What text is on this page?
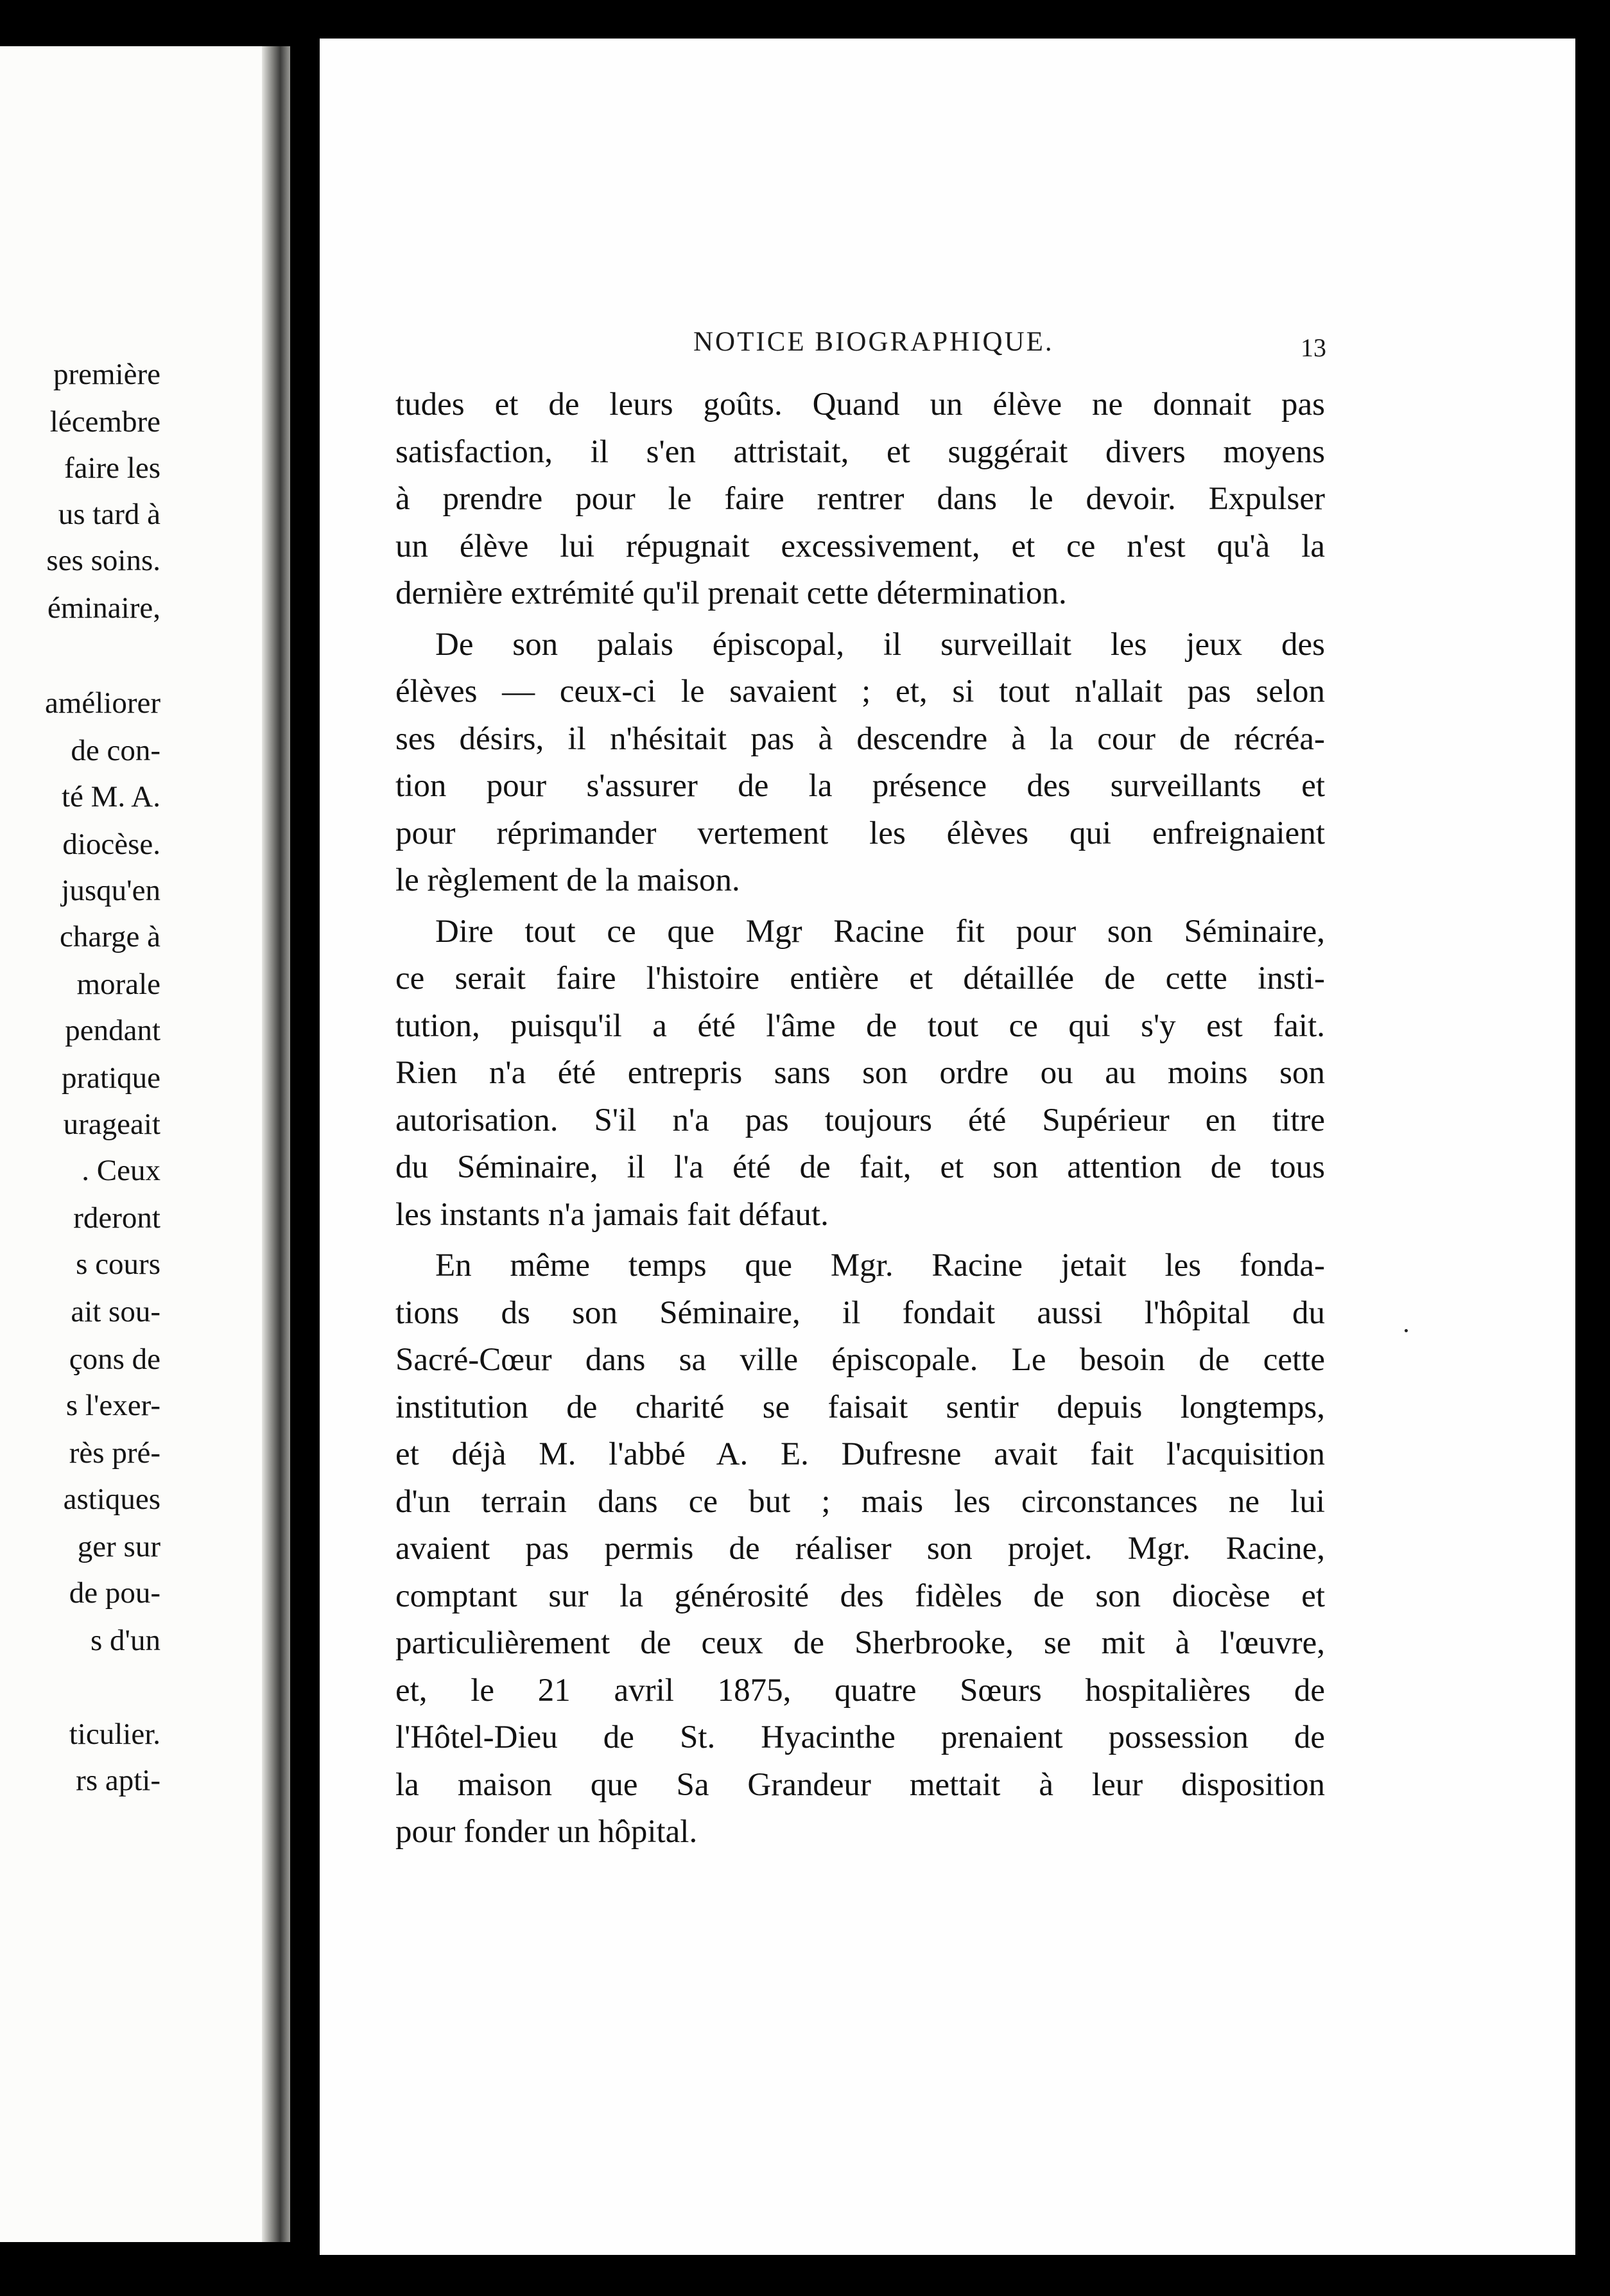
première
lécembre
faire les
us tard à
ses soins.
éminaire,
améliorer
de con-
té M. A.
diocèse.
jusqu'en
charge à
morale
pendant
pratique
urageait
. Ceux
rderont
s cours
ait sou-
çons de
s l'exer-
rès pré-
astiques
ger sur
de pou-
s d'un
ticulier.
rs apti-
NOTICE BIOGRAPHIQUE.	13
tudes et de leurs goûts. Quand un élève ne donnait pas
satisfaction, il s'en attristait, et suggérait divers moyens
à prendre pour le faire rentrer dans le devoir. Expulser
un élève lui répugnait excessivement, et ce n'est qu'à la
dernière extrémité qu'il prenait cette détermination.
De son palais épiscopal, il surveillait les jeux des
élèves — ceux-ci le savaient ; et, si tout n'allait pas selon
ses désirs, il n'hésitait pas à descendre à la cour de récréa-
tion pour s'assurer de la présence des surveillants et
pour réprimander vertement les élèves qui enfreignaient
le règlement de la maison.
Dire tout ce que Mgr Racine fit pour son Séminaire,
ce serait faire l'histoire entière et détaillée de cette insti-
tution, puisqu'il a été l'âme de tout ce qui s'y est fait.
Rien n'a été entrepris sans son ordre ou au moins son
autorisation. S'il n'a pas toujours été Supérieur en titre
du Séminaire, il l'a été de fait, et son attention de tous
les instants n'a jamais fait défaut.
En même temps que Mgr. Racine jetait les fonda-
tions ds son Séminaire, il fondait aussi l'hôpital du
Sacré-Cœur dans sa ville épiscopale. Le besoin de cette
institution de charité se faisait sentir depuis longtemps,
et déjà M. l'abbé A. E. Dufresne avait fait l'acquisition
d'un terrain dans ce but ; mais les circonstances ne lui
avaient pas permis de réaliser son projet. Mgr. Racine,
comptant sur la générosité des fidèles de son diocèse et
particulièrement de ceux de Sherbrooke, se mit à l'œuvre,
et, le 21 avril 1875, quatre Sœurs hospitalières de
l'Hôtel-Dieu de St. Hyacinthe prenaient possession de
la maison que Sa Grandeur mettait à leur disposition
pour fonder un hôpital.
